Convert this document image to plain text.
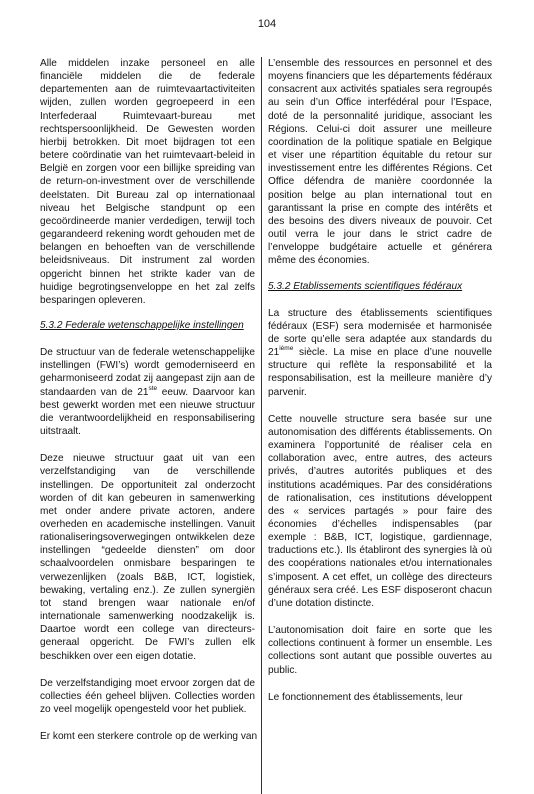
104

Alle middelen inzake personeel en alle financiële middelen die de federale departementen aan de ruimtevaartactiviteiten wijden, zullen worden gegroepeerd in een Interfederaal Ruimtevaart-bureau met rechtspersoonlijkheid. De Gewesten worden hierbij betrokken. Dit moet bijdragen tot een betere coördinatie van het ruimtevaart-beleid in België en zorgen voor een billijke spreiding van de return-on-investment over de verschillende deelstaten. Dit Bureau zal op internationaal niveau het Belgische standpunt op een gecoördineerde manier verdedigen, terwijl toch gegarandeerd rekening wordt gehouden met de belangen en behoeften van de verschillende beleidsniveaus. Dit instrument zal worden opgericht binnen het strikte kader van de huidige begrotingsenveloppe en het zal zelfs besparingen opleveren.

5.3.2 Federale wetenschappelijke instellingen

De structuur van de federale wetenschappelijke instellingen (FWI’s) wordt gemoderniseerd en geharmoniseerd zodat zij aangepast zijn aan de standaarden van de 21ste eeuw. Daarvoor kan best gewerkt worden met een nieuwe structuur die verantwoordelijkheid en responsabilisering uitstraalt.

Deze nieuwe structuur gaat uit van een verzelfstandiging van de verschillende instellingen. De opportuniteit zal onderzocht worden of dit kan gebeuren in samenwerking met onder andere private actoren, andere overheden en academische instellingen. Vanuit rationaliseringsoverwegingen ontwikkelen deze instellingen “gedeelde diensten” om door schaalvoordelen onmisbare besparingen te verwezenlijken (zoals B&B, ICT, logistiek, bewaking, vertaling enz.). Ze zullen synergiën tot stand brengen waar nationale en/of internationale samenwerking noodzakelijk is. Daartoe wordt een college van directeurs-generaal opgericht. De FWI’s zullen elk beschikken over een eigen dotatie.

De verzelfstandiging moet ervoor zorgen dat de collecties één geheel blijven. Collecties worden zo veel mogelijk opengesteld voor het publiek.

Er komt een sterkere controle op de werking van

L’ensemble des ressources en personnel et des moyens financiers que les départements fédéraux consacrent aux activités spatiales sera regroupés au sein d’un Office interfédéral pour l’Espace, doté de la personnalité juridique, associant les Régions. Celui-ci doit assurer une meilleure coordination de la politique spatiale en Belgique et viser une répartition équitable du retour sur investissement entre les différentes Régions. Cet Office défendra de manière coordonnée la position belge au plan international tout en garantissant la prise en compte des intérêts et des besoins des divers niveaux de pouvoir. Cet outil verra le jour dans le strict cadre de l’enveloppe budgétaire actuelle et générera même des économies.

5.3.2 Etablissements scientifiques fédéraux

La structure des établissements scientifiques fédéraux (ESF) sera modernisée et harmonisée de sorte qu’elle sera adaptée aux standards du 21ième siècle. La mise en place d’une nouvelle structure qui reflète la responsabilité et la responsabilisation, est la meilleure manière d’y parvenir.

Cette nouvelle structure sera basée sur une autonomisation des différents établissements. On examinera l’opportunité de réaliser cela en collaboration avec, entre autres, des acteurs privés, d’autres autorités publiques et des institutions académiques. Par des considérations de rationalisation, ces institutions développent des « services partagés » pour faire des économies d’échelles indispensables (par exemple : B&B, ICT, logistique, gardiennage, traductions etc.). Ils établiront des synergies là où des coopérations nationales et/ou internationales s’imposent. A cet effet, un collège des directeurs généraux sera créé. Les ESF disposeront chacun d’une dotation distincte.

L’autonomisation doit faire en sorte que les collections continuent à former un ensemble. Les collections sont autant que possible ouvertes au public.

Le fonctionnement des établissements, leur
